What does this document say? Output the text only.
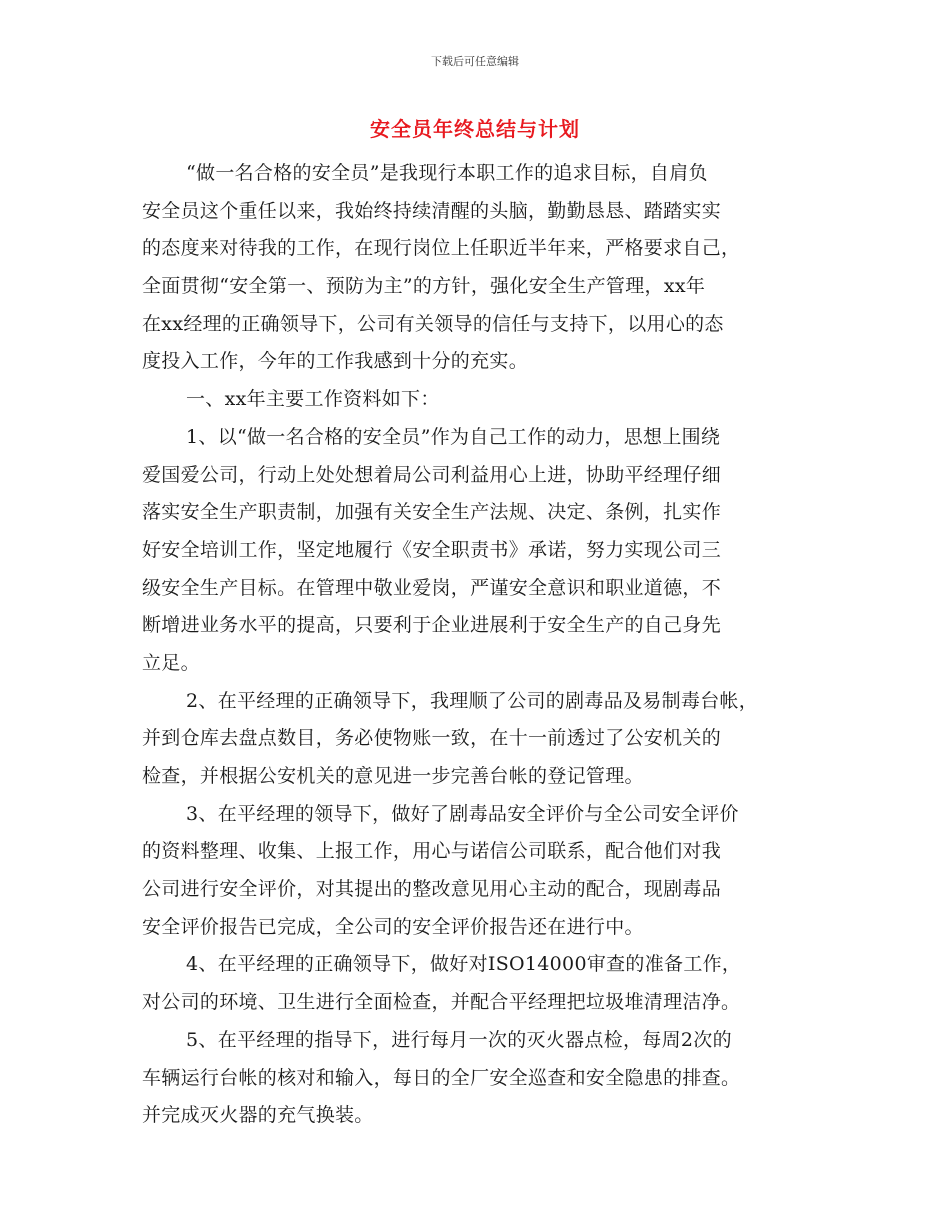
下载后可任意编辑
安全员年终总结与计划
“做一名合格的安全员”是我现行本职工作的追求目标，自肩负
安全员这个重任以来，我始终持续清醒的头脑，勤勤恳恳、踏踏实实
的态度来对待我的工作，在现行岗位上任职近半年来，严格要求自己，
全面贯彻“安全第一、预防为主”的方针，强化安全生产管理，xx年
在xx经理的正确领导下，公司有关领导的信任与支持下，以用心的态
度投入工作，今年的工作我感到十分的充实。
一、xx年主要工作资料如下：
1、以“做一名合格的安全员”作为自己工作的动力，思想上围绕
爱国爱公司，行动上处处想着局公司利益用心上进，协助平经理仔细
落实安全生产职责制，加强有关安全生产法规、决定、条例，扎实作
好安全培训工作，坚定地履行《安全职责书》承诺，努力实现公司三
级安全生产目标。在管理中敬业爱岗，严谨安全意识和职业道德，不
断增进业务水平的提高，只要利于企业进展利于安全生产的自己身先
立足。
2、在平经理的正确领导下，我理顺了公司的剧毒品及易制毒台帐，
并到仓库去盘点数目，务必使物账一致，在十一前透过了公安机关的
检查，并根据公安机关的意见进一步完善台帐的登记管理。
3、在平经理的领导下，做好了剧毒品安全评价与全公司安全评价
的资料整理、收集、上报工作，用心与诺信公司联系，配合他们对我
公司进行安全评价，对其提出的整改意见用心主动的配合，现剧毒品
安全评价报告已完成，全公司的安全评价报告还在进行中。
4、在平经理的正确领导下，做好对ISO14000审查的准备工作，
对公司的环境、卫生进行全面检查，并配合平经理把垃圾堆清理洁净。
5、在平经理的指导下，进行每月一次的灭火器点检，每周2次的
车辆运行台帐的核对和输入，每日的全厂安全巡查和安全隐患的排查。
并完成灭火器的充气换装。
